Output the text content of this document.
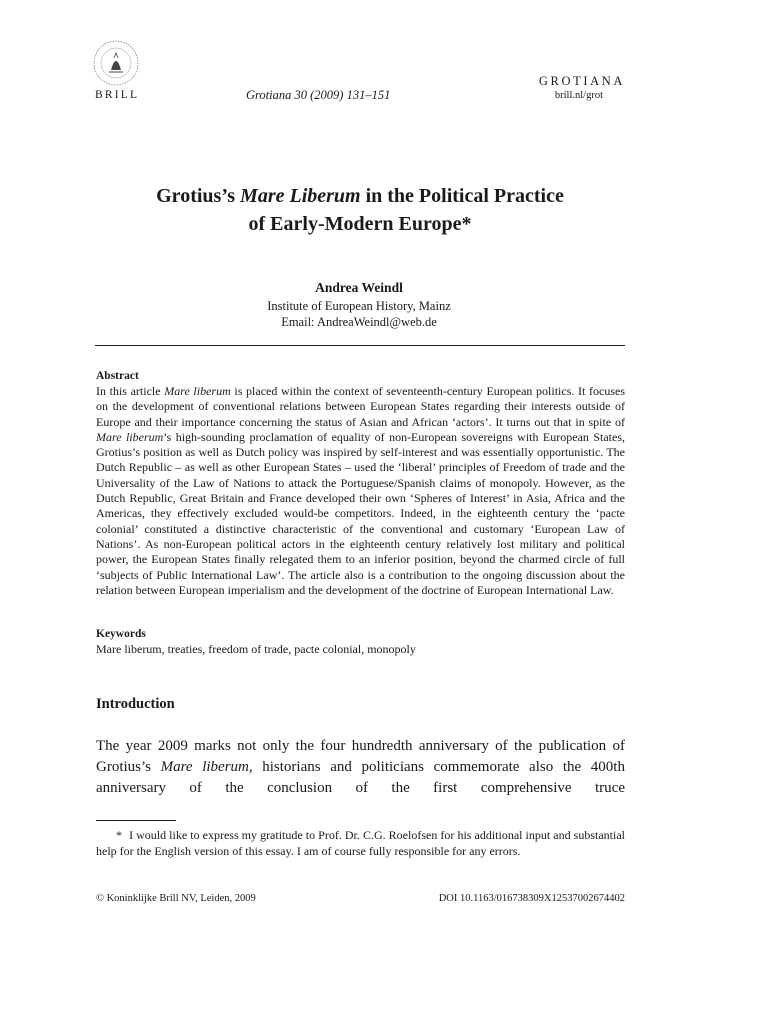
BRILL	Grotiana 30 (2009) 131–151
GROTIANA
brill.nl/grot
Grotius’s Mare Liberum in the Political Practice
of Early-Modern Europe*
Andrea Weindl
Institute of European History, Mainz
Email: AndreaWeindl@web.de
Abstract
In this article Mare liberum is placed within the context of seventeenth-century European politics. It focuses on the development of conventional relations between European States regarding their interests outside of Europe and their importance concerning the status of Asian and African ‘actors’. It turns out that in spite of Mare liberum’s high-sounding proclamation of equality of non-European sovereigns with European States, Grotius’s position as well as Dutch policy was inspired by self-interest and was essentially opportunistic. The Dutch Republic – as well as other European States – used the ‘liberal’ principles of Freedom of trade and the Universality of the Law of Nations to attack the Portuguese/Spanish claims of monopoly. However, as the Dutch Republic, Great Britain and France developed their own ‘Spheres of Interest’ in Asia, Africa and the Americas, they effectively excluded would-be competitors. Indeed, in the eighteenth century the ‘pacte colonial’ constituted a distinctive characteristic of the conventional and customary ‘European Law of Nations’. As non-European political actors in the eighteenth century relatively lost military and political power, the European States finally relegated them to an inferior position, beyond the charmed circle of full ‘subjects of Public International Law’. The article also is a contribution to the ongoing discussion about the relation between European imperialism and the development of the doctrine of European International Law.
Keywords
Mare liberum, treaties, freedom of trade, pacte colonial, monopoly
Introduction
The year 2009 marks not only the four hundredth anniversary of the publication of Grotius’s Mare liberum, historians and politicians commemorate also the 400th anniversary of the conclusion of the first comprehensive truce
* I would like to express my gratitude to Prof. Dr. C.G. Roelofsen for his additional input and substantial help for the English version of this essay. I am of course fully responsible for any errors.
© Koninklijke Brill NV, Leiden, 2009	DOI 10.1163/016738309X12537002674402
